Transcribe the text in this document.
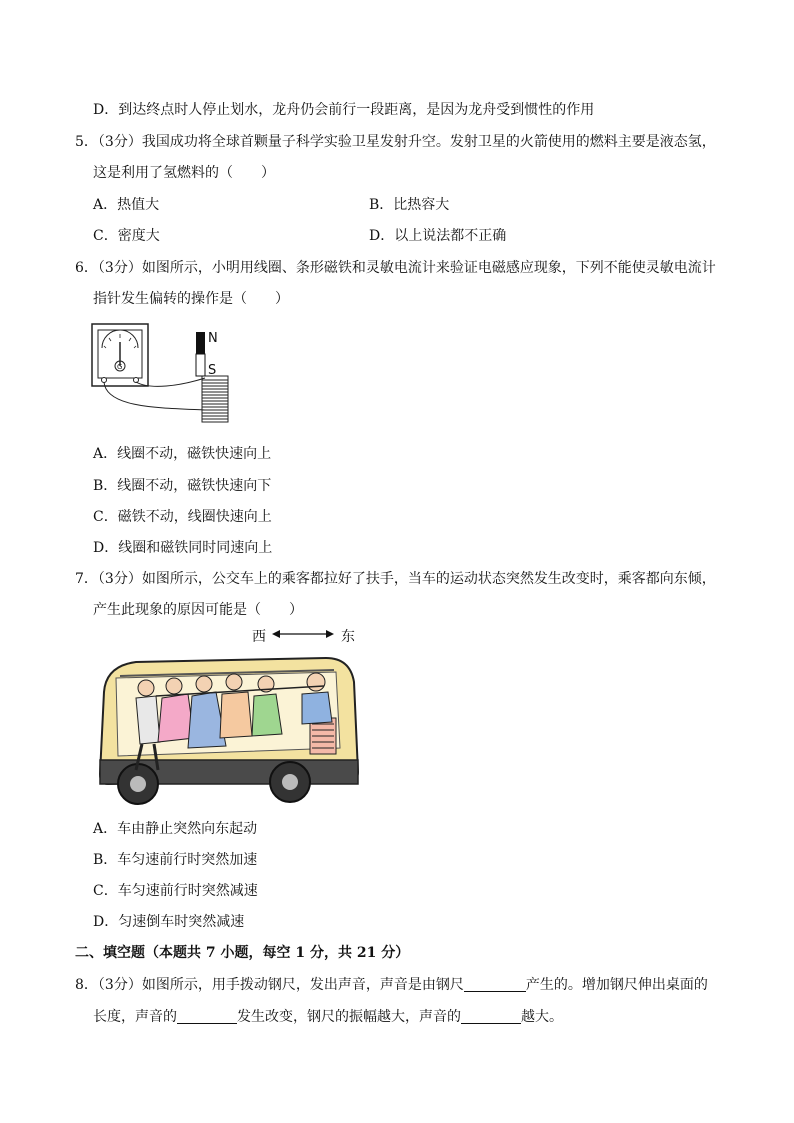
D．到达终点时人停止划水，龙舟仍会前行一段距离，是因为龙舟受到惯性的作用
5．（3分）我国成功将全球首颗量子科学实验卫星发射升空。发射卫星的火箭使用的燃料主要是液态氢，
这是利用了氢燃料的（　　）
A．热值大	B．比热容大
C．密度大	D．以上说法都不正确
6．（3分）如图所示，小明用线圈、条形磁铁和灵敏电流计来验证电磁感应现象，下列不能使灵敏电流计
指针发生偏转的操作是（　　）
G
N
S
A．线圈不动，磁铁快速向上
B．线圈不动，磁铁快速向下
C．磁铁不动，线圈快速向上
D．线圈和磁铁同时同速向上
7．（3分）如图所示，公交车上的乘客都拉好了扶手，当车的运动状态突然发生改变时，乘客都向东倾，
产生此现象的原因可能是（　　）
西	东
A．车由静止突然向东起动
B．车匀速前行时突然加速
C．车匀速前行时突然减速
D．匀速倒车时突然减速
二、填空题（本题共 7 小题，每空 1 分，共 21 分）
8．（3分）如图所示，用手拨动钢尺，发出声音，声音是由钢尺	产生的。增加钢尺伸出桌面的
长度，声音的	发生改变，钢尺的振幅越大，声音的	越大。
